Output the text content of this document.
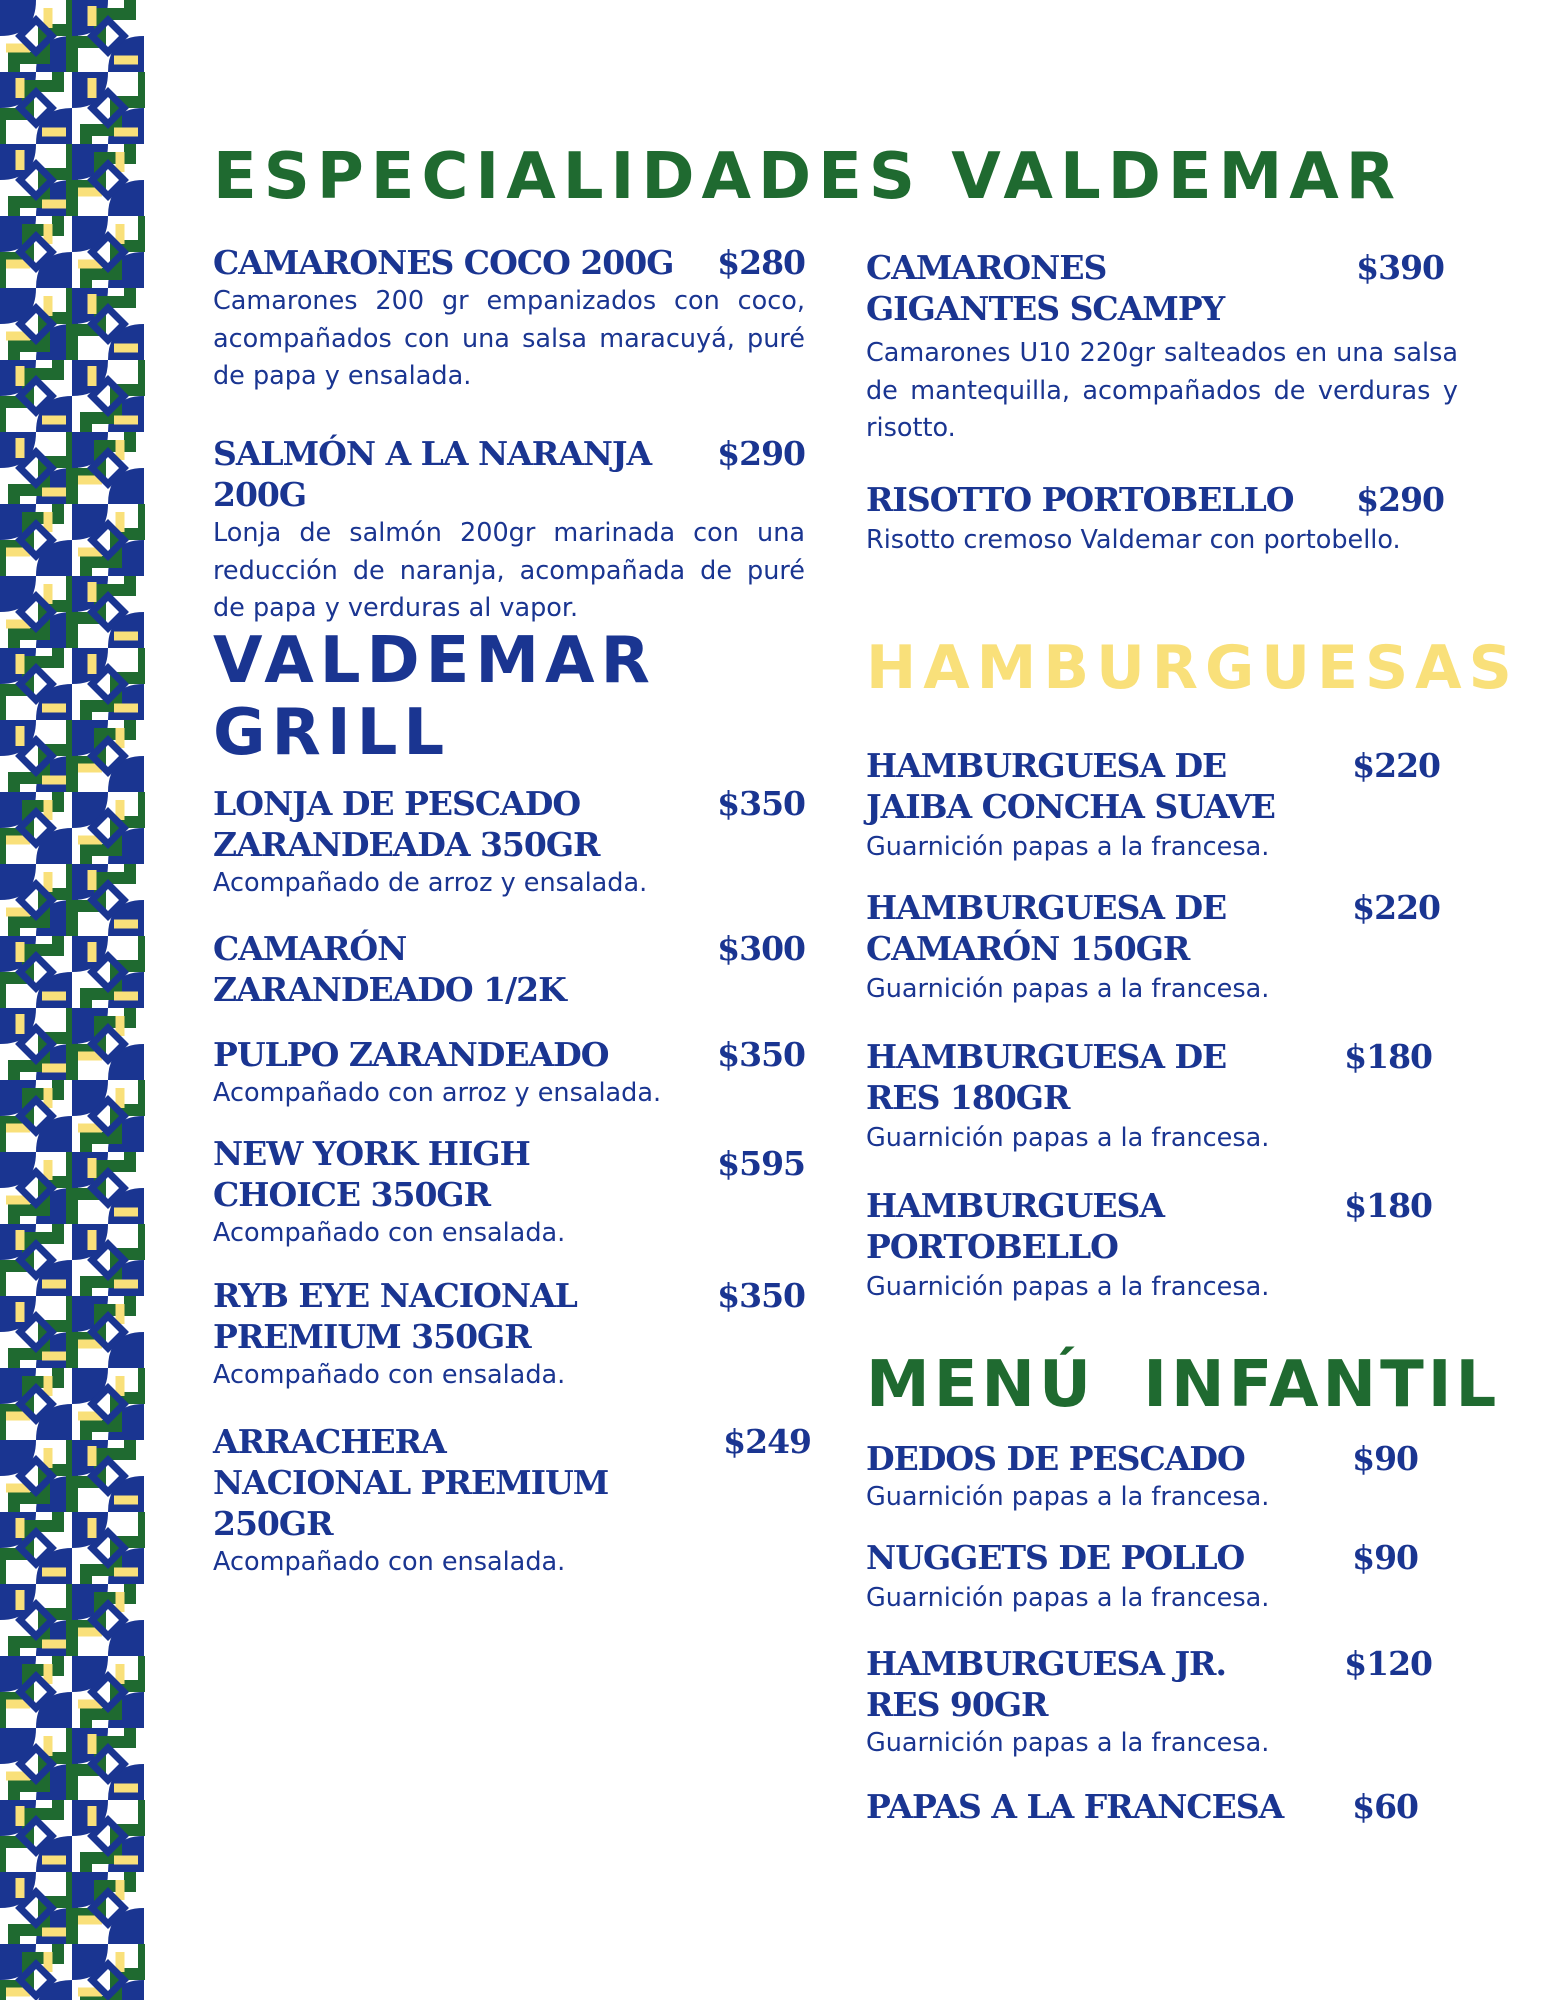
ESPECIALIDADES VALDEMAR
CAMARONES COCO 200G	$280

Camarones 200 gr empanizados con coco, acompañados con una salsa maracuyá, puré de papa y ensalada.

SALMÓN A LA NARANJA 200G
$290

Lonja de salmón 200gr marinada con una reducción de naranja, acompañada de puré de papa y verduras al vapor.

VALDEMAR
GRILL
LONJA DE PESCADO ZARANDEADA 350GR
$350

Acompañado de arroz y ensalada.

CAMARÓN ZARANDEADO 1/2K
$300
PULPO ZARANDEADO	$350

Acompañado con arroz y ensalada.

NEW YORK HIGH CHOICE 350GR
$595

Acompañado con ensalada.

RYB EYE NACIONAL PREMIUM 350GR
$350

Acompañado con ensalada.

ARRACHERA NACIONAL PREMIUM 250GR
$249

Acompañado con ensalada.

CAMARONES GIGANTES SCAMPY
$390

Camarones U10 220gr salteados en una salsa de mantequilla, acompañados de verduras y risotto.

RISOTTO PORTOBELLO	$290

Risotto cremoso Valdemar con portobello.

HAMBURGUESAS
HAMBURGUESA DE JAIBA CONCHA SUAVE
$220

Guarnición papas a la francesa.

HAMBURGUESA DE CAMARÓN 150GR
$220

Guarnición papas a la francesa.

HAMBURGUESA DE RES 180GR
$180

Guarnición papas a la francesa.

HAMBURGUESA PORTOBELLO
$180

Guarnición papas a la francesa.

MENÚ INFANTIL
DEDOS DE PESCADO	$90

Guarnición papas a la francesa.

NUGGETS DE POLLO	$90

Guarnición papas a la francesa.

HAMBURGUESA JR. RES 90GR
$120

Guarnición papas a la francesa.

PAPAS A LA FRANCESA	$60
